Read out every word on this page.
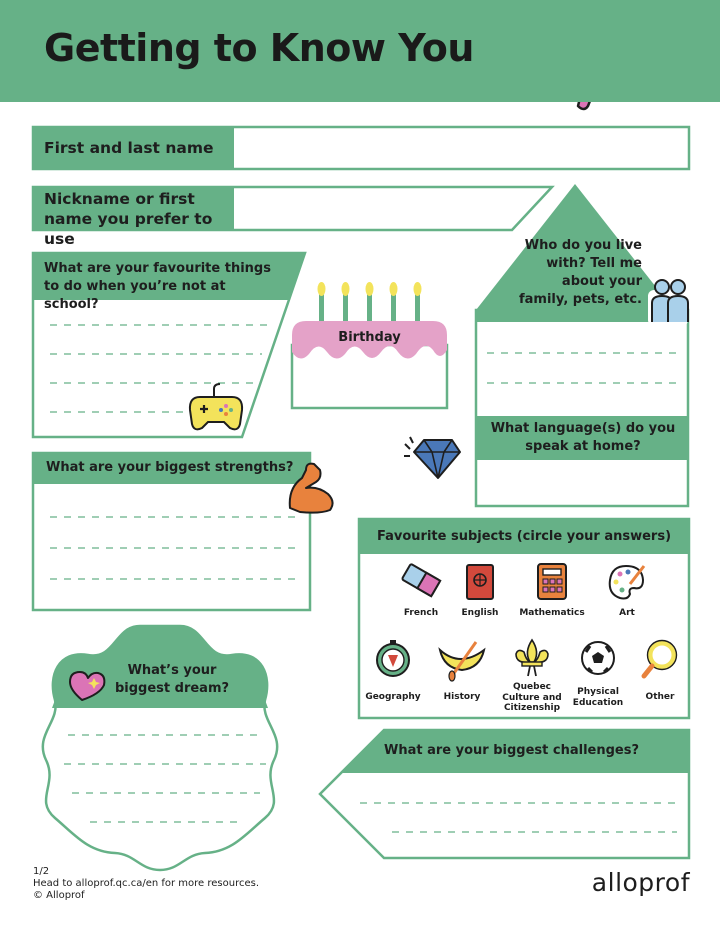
Getting to Know You
First and last name
Nickname or first name you prefer to use
What are your favourite things to do when you’re not at school?
Birthday
Who do you live with? Tell me about your family, pets, etc.
What language(s) do you speak at home?
What are your biggest strengths?
Favourite subjects (circle your answers)
French	English	Mathematics	Art
Geography	History
Quebec Culture and Citizenship
Physical Education
Other
What’s your biggest dream?
What are your biggest challenges?
1/2
Head to alloprof.qc.ca/en for more resources.
© Alloprof	alloprof
